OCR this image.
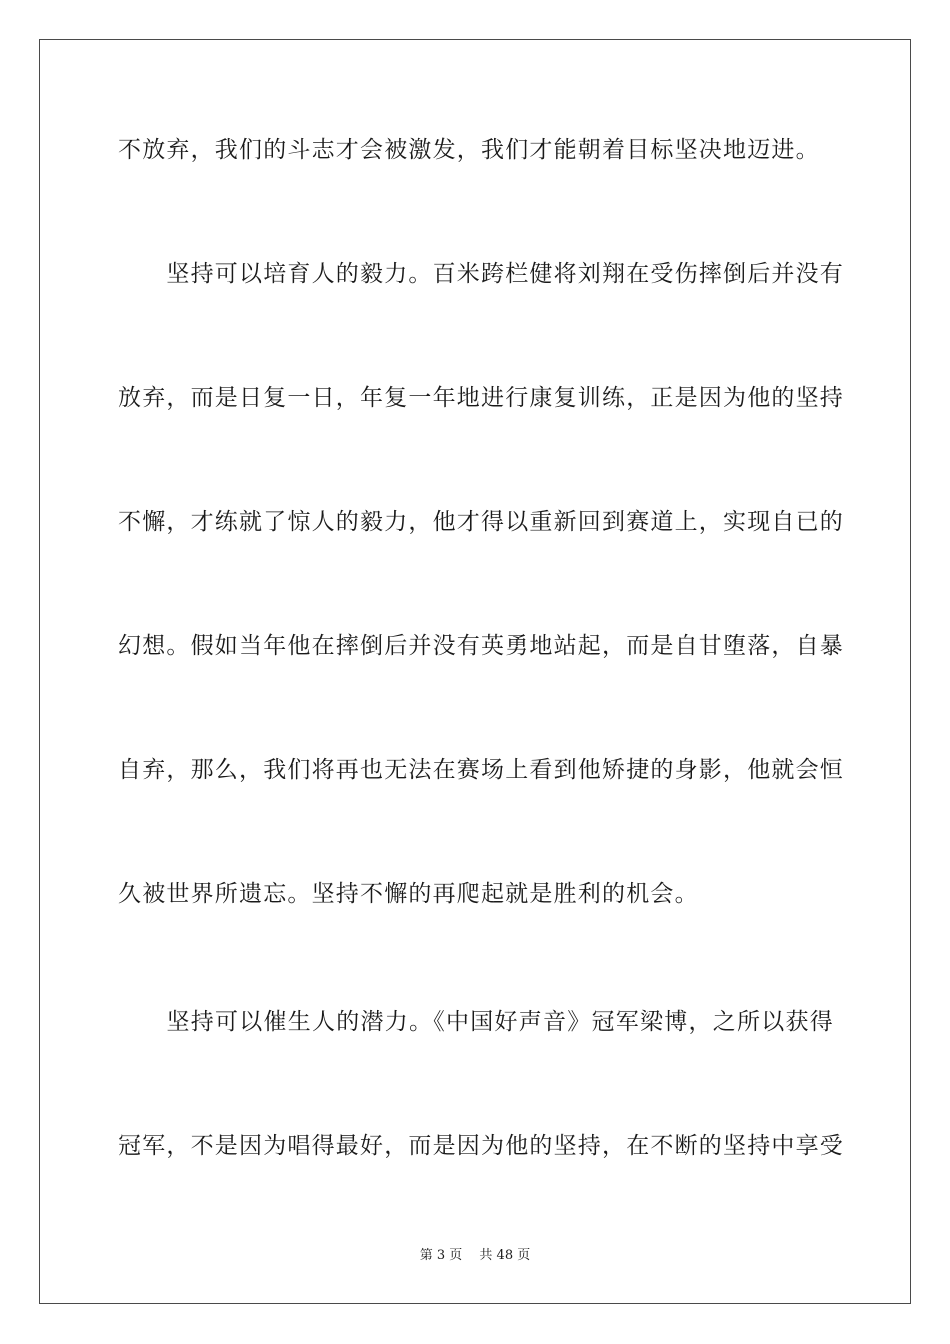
不放弃，我们的斗志才会被激发，我们才能朝着目标坚决地迈进。
　　坚持可以培育人的毅力。百米跨栏健将刘翔在受伤摔倒后并没有
放弃，而是日复一日，年复一年地进行康复训练，正是因为他的坚持
不懈，才练就了惊人的毅力，他才得以重新回到赛道上，实现自已的
幻想。假如当年他在摔倒后并没有英勇地站起，而是自甘堕落，自暴
自弃，那么，我们将再也无法在赛场上看到他矫捷的身影，他就会恒
久被世界所遗忘。坚持不懈的再爬起就是胜利的机会。
　　坚持可以催生人的潜力。《中国好声音》冠军梁博，之所以获得
冠军，不是因为唱得最好，而是因为他的坚持，在不断的坚持中享受
第 3 页　 共 48 页
